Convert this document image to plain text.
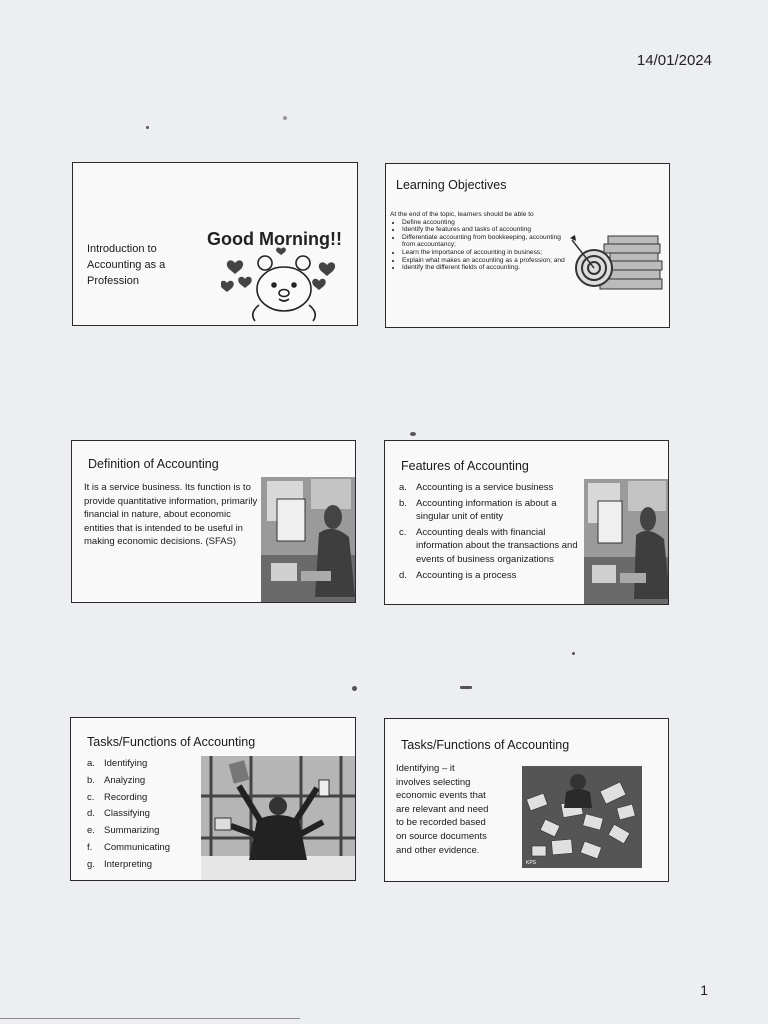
14/01/2024
Introduction to
Accounting as a
Profession
Good Morning!!
Learning Objectives
At the end of the topic, learners should be able to
• Define accounting
• Identify the features and tasks of accounting
• Differentiate accounting from bookkeeping, accounting from accountancy;
• Learn the importance of accounting in business;
• Explain what makes an accounting as a profession; and
• Identify the different fields of accounting.
Definition of Accounting
It is a service business. Its function is to provide quantitative information, primarily financial in nature, about economic entities that is intended to be useful in making economic decisions. (SFAS)
Features of Accounting
a. Accounting is a service business
b. Accounting information is about a singular unit of entity
c.	Accounting deals with financial information about the transactions and events of business organizations
d. Accounting is a process
Tasks/Functions of Accounting
a. Identifying
b. Analyzing
c.	Recording
d. Classifying
e. Summarizing
f.	Communicating
g. Interpreting
Tasks/Functions of Accounting
Identifying – it involves selecting economic events that are relevant and need to be recorded based on source documents and other evidence.
KPS
1
